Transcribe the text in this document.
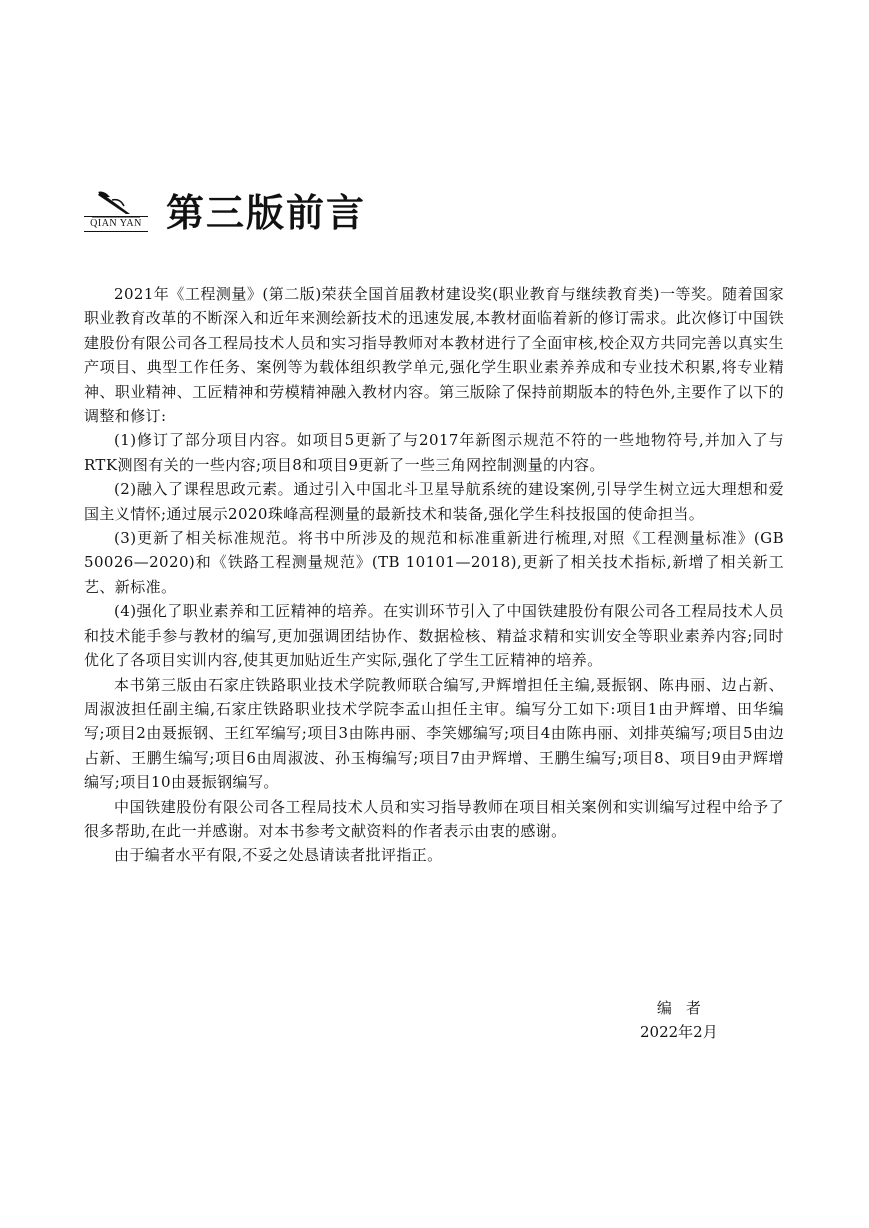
QIAN YAN 第三版前言

2021年《工程测量》(第二版)荣获全国首届教材建设奖(职业教育与继续教育类)一等奖。随着国家职业教育改革的不断深入和近年来测绘新技术的迅速发展,本教材面临着新的修订需求。此次修订中国铁建股份有限公司各工程局技术人员和实习指导教师对本教材进行了全面审核,校企双方共同完善以真实生产项目、典型工作任务、案例等为载体组织教学单元,强化学生职业素养养成和专业技术积累,将专业精神、职业精神、工匠精神和劳模精神融入教材内容。第三版除了保持前期版本的特色外,主要作了以下的调整和修订:

(1)修订了部分项目内容。如项目5更新了与2017年新图示规范不符的一些地物符号,并加入了与RTK测图有关的一些内容;项目8和项目9更新了一些三角网控制测量的内容。

(2)融入了课程思政元素。通过引入中国北斗卫星导航系统的建设案例,引导学生树立远大理想和爱国主义情怀;通过展示2020珠峰高程测量的最新技术和装备,强化学生科技报国的使命担当。

(3)更新了相关标准规范。将书中所涉及的规范和标准重新进行梳理,对照《工程测量标准》(GB 50026—2020)和《铁路工程测量规范》(TB 10101—2018),更新了相关技术指标,新增了相关新工艺、新标准。

(4)强化了职业素养和工匠精神的培养。在实训环节引入了中国铁建股份有限公司各工程局技术人员和技术能手参与教材的编写,更加强调团结协作、数据检核、精益求精和实训安全等职业素养内容;同时优化了各项目实训内容,使其更加贴近生产实际,强化了学生工匠精神的培养。

本书第三版由石家庄铁路职业技术学院教师联合编写,尹辉增担任主编,聂振钢、陈冉丽、边占新、周淑波担任副主编,石家庄铁路职业技术学院李孟山担任主审。编写分工如下:项目1由尹辉增、田华编写;项目2由聂振钢、王红军编写;项目3由陈冉丽、李笑娜编写;项目4由陈冉丽、刘排英编写;项目5由边占新、王鹏生编写;项目6由周淑波、孙玉梅编写;项目7由尹辉增、王鹏生编写;项目8、项目9由尹辉增编写;项目10由聂振钢编写。

中国铁建股份有限公司各工程局技术人员和实习指导教师在项目相关案例和实训编写过程中给予了很多帮助,在此一并感谢。对本书参考文献资料的作者表示由衷的感谢。

由于编者水平有限,不妥之处恳请读者批评指正。

编者
2022年2月
